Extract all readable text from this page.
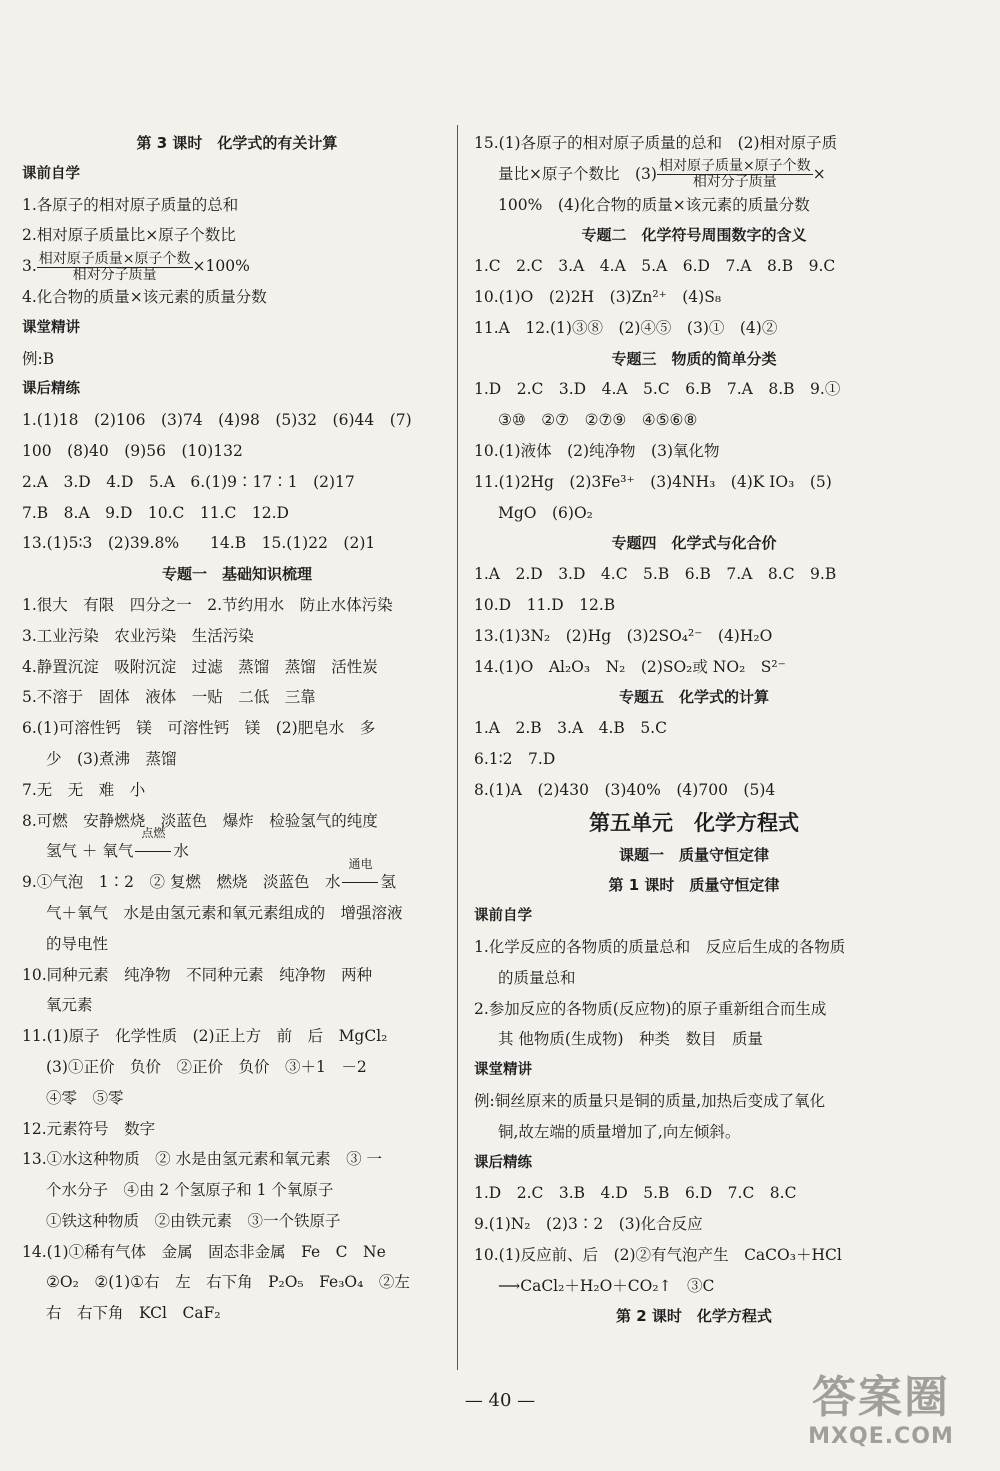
第 3 课时　化学式的有关计算
课前自学
1.各原子的相对原子质量的总和
2.相对原子质量比×原子个数比
3. $\frac{\text{相对原子质量×原子个数}}{\text{相对分子质量}} \times 100\%$
4.化合物的质量×该元素的质量分数
课堂精讲
例:B
课后精练
1.(1)18　(2)106　(3)74　(4)98　(5)32　(6)44　(7)
100　(8)40　(9)56　(10)132
2.A　3.D　4.D　5.A　6.(1)9∶17∶1　(2)17
7.B　8.A　9.D　10.C　11.C　12.D
13.(1)5∶3　(2)39.8%　　14.B　15.(1)22　(2)1
专题一　基础知识梳理
1.很大　有限　四分之一　2.节约用水　防止水体污染
3.工业污染　农业污染　生活污染
4.静置沉淀　吸附沉淀　过滤　蒸馏　蒸馏　活性炭
5.不溶于　固体　液体　一贴　二低　三靠
6.(1)可溶性钙　镁　可溶性钙　镁　(2)肥皂水　多
少　(3)煮沸　蒸馏
7.无　无　难　小
8.可燃　安静燃烧　淡蓝色　爆炸　检验氢气的纯度
氢气 ＋ 氧气
点燃
水
9.①气泡　1∶2　② 复燃　燃烧　淡蓝色　水
通电
氢
气＋氧气　水是由氢元素和氧元素组成的　增强溶液
的导电性
10.同种元素　纯净物　不同种元素　纯净物　两种
氧元素
11.(1)原子　化学性质　(2)正上方　前　后　MgCl₂
(3)①正价　负价　②正价　负价　③＋1　－2
④零　⑤零
12.元素符号　数字
13.①水这种物质　② 水是由氢元素和氧元素　③ 一
个水分子　④由 2 个氢原子和 1 个氧原子
①铁这种物质　②由铁元素　③一个铁原子
14.(1)①稀有气体　金属　固态非金属　Fe　C　Ne
②O₂　②(1)①右　左　右下角　P₂O₅　Fe₃O₄　②左
右　右下角　KCl　CaF₂
15.(1)各原子的相对原子质量的总和　(2)相对原子质
量比×原子个数比　$(3) \frac{\text{相对原子质量×原子个数}}{\text{相对分子质量}}$ ×
100%　(4)化合物的质量×该元素的质量分数
专题二　化学符号周围数字的含义
1.C　2.C　3.A　4.A　5.A　6.D　7.A　8.B　9.C
10.(1)O　(2)2H　(3)Zn²⁺　(4)S₈
11.A　12.(1)③⑧　(2)④⑤　(3)①　(4)②
专题三　物质的简单分类
1.D　2.C　3.D　4.A　5.C　6.B　7.A　8.B　9.①
③⑩　②⑦　②⑦⑨　④⑤⑥⑧
10.(1)液体　(2)纯净物　(3)氧化物
11.(1)2Hg　(2)3Fe³⁺　(3)4NH₃　(4)K IO₃　(5)
MgO　(6)O₂
专题四　化学式与化合价
1.A　2.D　3.D　4.C　5.B　6.B　7.A　8.C　9.B
10.D　11.D　12.B
13.(1)3N₂　(2)Hg　(3)2SO₄²⁻　(4)H₂O
14.(1)O　Al₂O₃　N₂　(2)SO₂或 NO₂　S²⁻
专题五　化学式的计算
1.A　2.B　3.A　4.B　5.C
6.1∶2　7.D
8.(1)A　(2)430　(3)40%　(4)700　(5)4
第五单元　化学方程式
课题一　质量守恒定律
第 1 课时　质量守恒定律
课前自学
1.化学反应的各物质的质量总和　反应后生成的各物质
的质量总和
2.参加反应的各物质(反应物)的原子重新组合而生成
其 他物质(生成物)　种类　数目　质量
课堂精讲
例:铜丝原来的质量只是铜的质量,加热后变成了氧化
铜,故左端的质量增加了,向左倾斜。
课后精练
1.D　2.C　3.B　4.D　5.B　6.D　7.C　8.C
9.(1)N₂　(2)3∶2　(3)化合反应
10.(1)反应前、后　(2)②有气泡产生　CaCO₃＋HCl
⟶CaCl₂＋H₂O＋CO₂↑　③C
第 2 课时　化学方程式
— 40 —	答案圈
MXQE.COM
